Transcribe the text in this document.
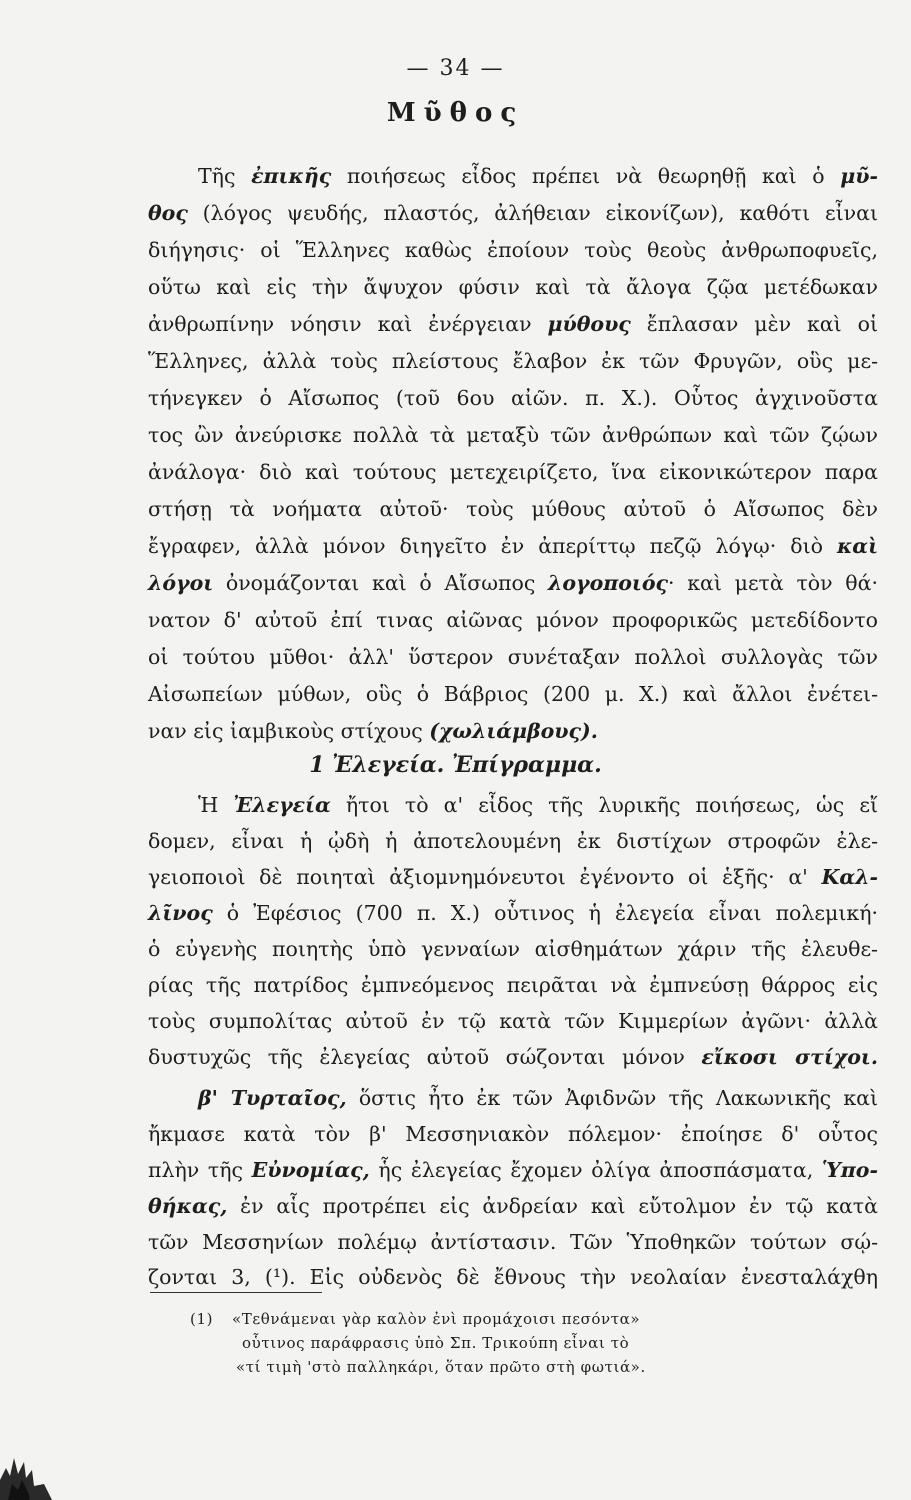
— 34 —
Μῦθος
Τῆς ἐπικῆς ποιήσεως εἶδος πρέπει νὰ θεωρηθῇ καὶ ὁ μῦ-
θος (λόγος ψευδής, πλαστός, ἀλήθειαν εἰκονίζων), καθότι εἶναι
διήγησις· οἱ Ἕλληνες καθὼς ἐποίουν τοὺς θεοὺς ἀνθρωποφυεῖς,
οὕτω καὶ εἰς τὴν ἄψυχον φύσιν καὶ τὰ ἄλογα ζῷα μετέδωκαν
ἀνθρωπίνην νόησιν καὶ ἐνέργειαν μύθους ἔπλασαν μὲν καὶ οἱ
Ἕλληνες, ἀλλὰ τοὺς πλείστους ἔλαβον ἐκ τῶν Φρυγῶν, οὓς με-
τήνεγκεν ὁ Αἴσωπος (τοῦ 6ου αἰῶν. π. Χ.). Οὗτος ἀγχινοῦστα
τος ὢν ἀνεύρισκε πολλὰ τὰ μεταξὺ τῶν ἀνθρώπων καὶ τῶν ζῴων
ἀνάλογα· διὸ καὶ τούτους μετεχειρίζετο, ἵνα εἰκονικώτερον παρα
στήσῃ τὰ νοήματα αὐτοῦ· τοὺς μύθους αὐτοῦ ὁ Αἴσωπος δὲν
ἔγραφεν, ἀλλὰ μόνον διηγεῖτο ἐν ἀπερίττῳ πεζῷ λόγῳ· διὸ καὶ
λόγοι ὀνομάζονται καὶ ὁ Αἴσωπος λογοποιός· καὶ μετὰ τὸν θά·
νατον δ' αὐτοῦ ἐπί τινας αἰῶνας μόνον προφορικῶς μετεδίδοντο
οἱ τούτου μῦθοι· ἀλλ' ὕστερον συνέταξαν πολλοὶ συλλογὰς τῶν
Αἰσωπείων μύθων, οὓς ὁ Βάβριος (200 μ. Χ.) καὶ ἄλλοι ἐνέτει-
ναν εἰς ἰαμβικοὺς στίχους (χωλιάμβους).
1 Ἐλεγεία. Ἐπίγραμμα.
Ἡ Ἐλεγεία ἤτοι τὸ α' εἶδος τῆς λυρικῆς ποιήσεως, ὡς εἴ
δομεν, εἶναι ἡ ᾠδὴ ἡ ἀποτελουμένη ἐκ διστίχων στροφῶν ἐλε-
γειοποιοὶ δὲ ποιηταὶ ἀξιομνημόνευτοι ἐγένοντο οἱ ἑξῆς· α' Καλ-
λῖνος ὁ Ἐφέσιος (700 π. Χ.) οὗτινος ἡ ἐλεγεία εἶναι πολεμική·
ὁ εὐγενὴς ποιητὴς ὑπὸ γενναίων αἰσθημάτων χάριν τῆς ἐλευθε-
ρίας τῆς πατρίδος ἐμπνεόμενος πειρᾶται νὰ ἐμπνεύσῃ θάρρος εἰς
τοὺς συμπολίτας αὐτοῦ ἐν τῷ κατὰ τῶν Κιμμερίων ἀγῶνι· ἀλλὰ
δυστυχῶς τῆς ἐλεγείας αὐτοῦ σώζονται μόνον εἴκοσι στίχοι.
β' Τυρταῖος, ὅστις ἦτο ἐκ τῶν Ἀφιδνῶν τῆς Λακωνικῆς καὶ
ἤκμασε κατὰ τὸν β' Μεσσηνιακὸν πόλεμον· ἐποίησε δ' οὗτος
πλὴν τῆς Εὐνομίας, ἧς ἐλεγείας ἔχομεν ὀλίγα ἀποσπάσματα, Ὑπο-
θήκας, ἐν αἷς προτρέπει εἰς ἀνδρείαν καὶ εὔτολμον ἐν τῷ κατὰ
τῶν Μεσσηνίων πολέμῳ ἀντίστασιν. Τῶν Ὑποθηκῶν τούτων σῴ-
ζονται 3, (¹). Εἰς οὐδενὸς δὲ ἔθνους τὴν νεολαίαν ἐνεσταλάχθη
(1) «Τεθνάμεναι γὰρ καλὸν ἐνὶ προμάχοισι πεσόντα»
οὗτινος παράφρασις ὑπὸ Σπ. Τρικούπη εἶναι τὸ
«τί τιμὴ 'στὸ παλληκάρι, ὅταν πρῶτο στὴ φωτιά».
